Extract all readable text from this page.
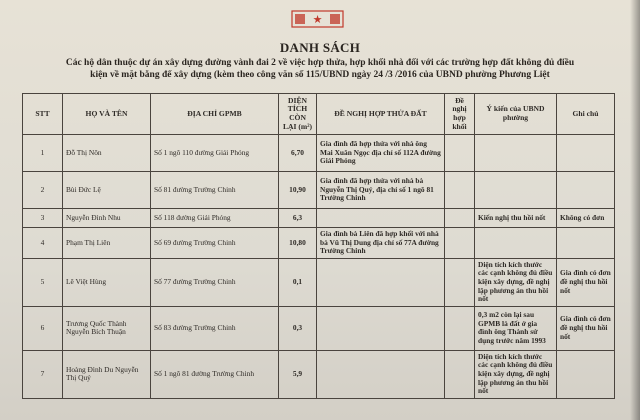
★
DANH SÁCH
Các hộ dân thuộc dự án xây dựng đường vành đai 2 về việc hợp thửa, hợp khối nhà đối với các trường hợp đất không đủ điều
kiện về mặt bằng để xây dựng (kèm theo công văn số 115/UBND ngày 24 /3 /2016 của UBND phường Phương Liệt
STT	HỌ VÀ TÊN	ĐỊA CHỈ GPMB	DIỆN TÍCH CÒN LẠI (m²)	ĐỀ NGHỊ HỢP THỬA ĐẤT	Đề nghị hợp khối	Ý kiến của UBND phường	Ghi chú
1	Đỗ Thị Nõn	Số 1 ngõ 110 đường Giải Phóng	6,70	Gia đình đã hợp thửa với nhà ông Mai Xuân Ngọc địa chỉ số 112A đường Giải Phóng			
2	Bùi Đức Lệ	Số 81 đường Trường Chinh	10,90	Gia đình đã hợp thửa với nhà bà Nguyễn Thị Quý, địa chỉ số 1 ngõ 81 Trường Chinh			
3	Nguyễn Đình Nhu	Số 118 đường Giải Phóng	6,3			Kiến nghị thu hồi nốt	Không có đơn
4	Phạm Thị Liên	Số 69 đường Trường Chinh	10,80	Gia đình bà Liên đã hợp khối với nhà bà Vũ Thị Dung địa chỉ số 77A đường Trường Chinh			
5	Lê Việt Hùng	Số 77 đường Trường Chinh	0,1			Diện tích kích thước các cạnh không đủ điều kiện xây dựng, đề nghị lập phương án thu hồi nốt	Gia đình có đơn đề nghị thu hồi nốt
6	Trương Quốc Thành Nguyễn Bích Thuận	Số 83 đường Trường Chinh	0,3			0,3 m2 còn lại sau GPMB là đất ở gia đình ông Thành sử dụng trước năm 1993	Gia đình có đơn đề nghị thu hồi nốt
7	Hoàng Đình Du Nguyễn Thị Quý	Số 1 ngõ 81 đường Trường Chinh	5,9			Diện tích kích thước các cạnh không đủ điều kiện xây dựng, đề nghị lập phương án thu hồi nốt	
